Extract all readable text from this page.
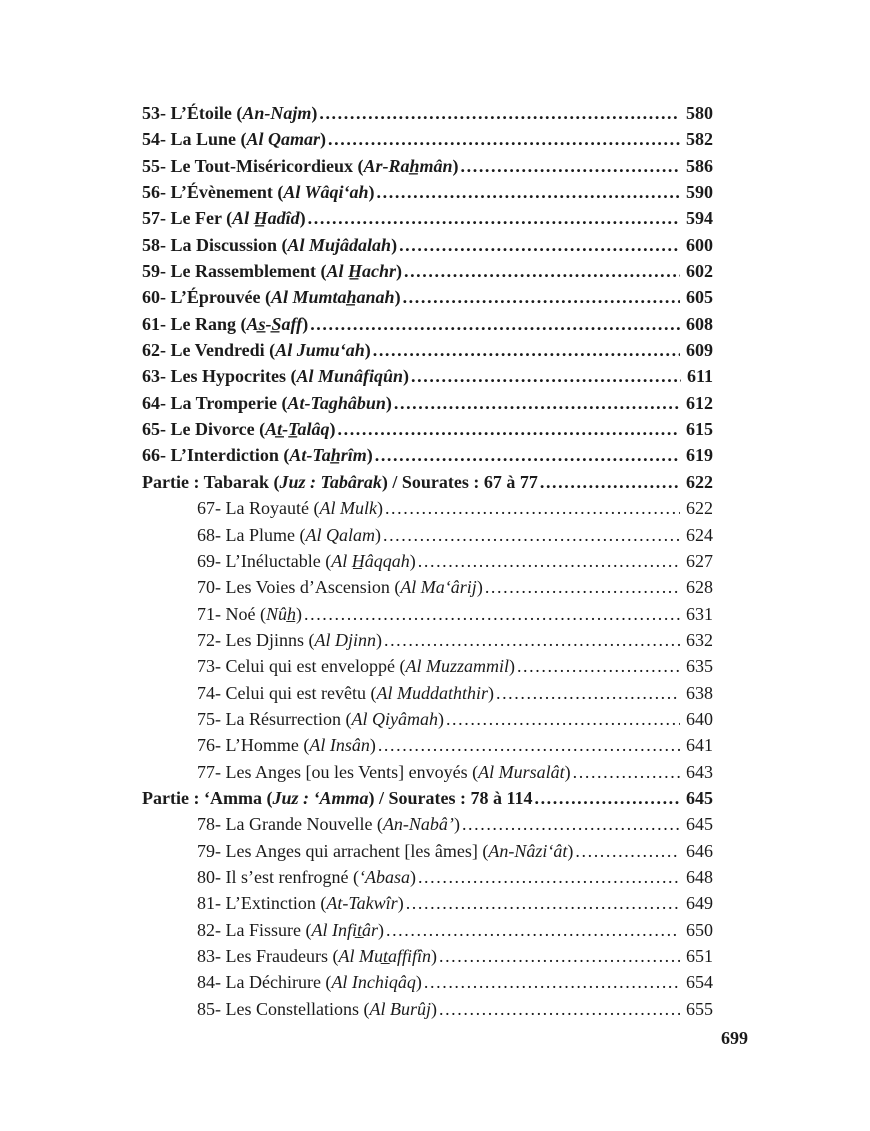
53- L’Étoile (An-Najm) .....	580
54- La Lune (Al Qamar) .....	582
55- Le Tout-Miséricordieux (Ar-Rah̲mân) .....	586
56- L’Évènement (Al Wâqi‘ah) .....	590
57- Le Fer (Al H̲adîd) .....	594
58- La Discussion (Al Mujâdalah) .....	600
59- Le Rassemblement (Al H̲achr) .....	602
60- L’Éprouvée (Al Mumtah̲anah) .....	605
61- Le Rang (As̲-S̲aff) .....	608
62- Le Vendredi (Al Jumu‘ah) .....	609
63- Les Hypocrites (Al Munâfiqûn) .....	611
64- La Tromperie (At-Taghâbun) .....	612
65- Le Divorce (At̲-T̲alâq) .....	615
66- L’Interdiction (At-Tah̲rîm) .....	619
Partie : Tabarak (Juz : Tabârak) / Sourates : 67 à 77 .....	622
67- La Royauté (Al Mulk) .....	622
68- La Plume (Al Qalam) .....	624
69- L’Inéluctable (Al H̲âqqah) .....	627
70- Les Voies d’Ascension (Al Ma‘ârij) .....	628
71- Noé (Nûh̲) .....	631
72- Les Djinns (Al Djinn) .....	632
73- Celui qui est enveloppé (Al Muzzammil) .....	635
74- Celui qui est revêtu (Al Muddaththir) .....	638
75- La Résurrection (Al Qiyâmah) .....	640
76- L’Homme (Al Insân) .....	641
77- Les Anges [ou les Vents] envoyés (Al Mursalât) .....	643
Partie : ‘Amma (Juz : ‘Amma) / Sourates : 78 à 114 .....	645
78- La Grande Nouvelle (An-Nabâ’) .....	645
79- Les Anges qui arrachent [les âmes] (An-Nâzi‘ât) .....	646
80- Il s’est renfrogné (‘Abasa) .....	648
81- L’Extinction (At-Takwîr) .....	649
82- La Fissure (Al Infit̲âr) .....	650
83- Les Fraudeurs (Al Mut̲affifîn) .....	651
84- La Déchirure (Al Inchiqâq) .....	654
85- Les Constellations (Al Burûj) .....	655
699
